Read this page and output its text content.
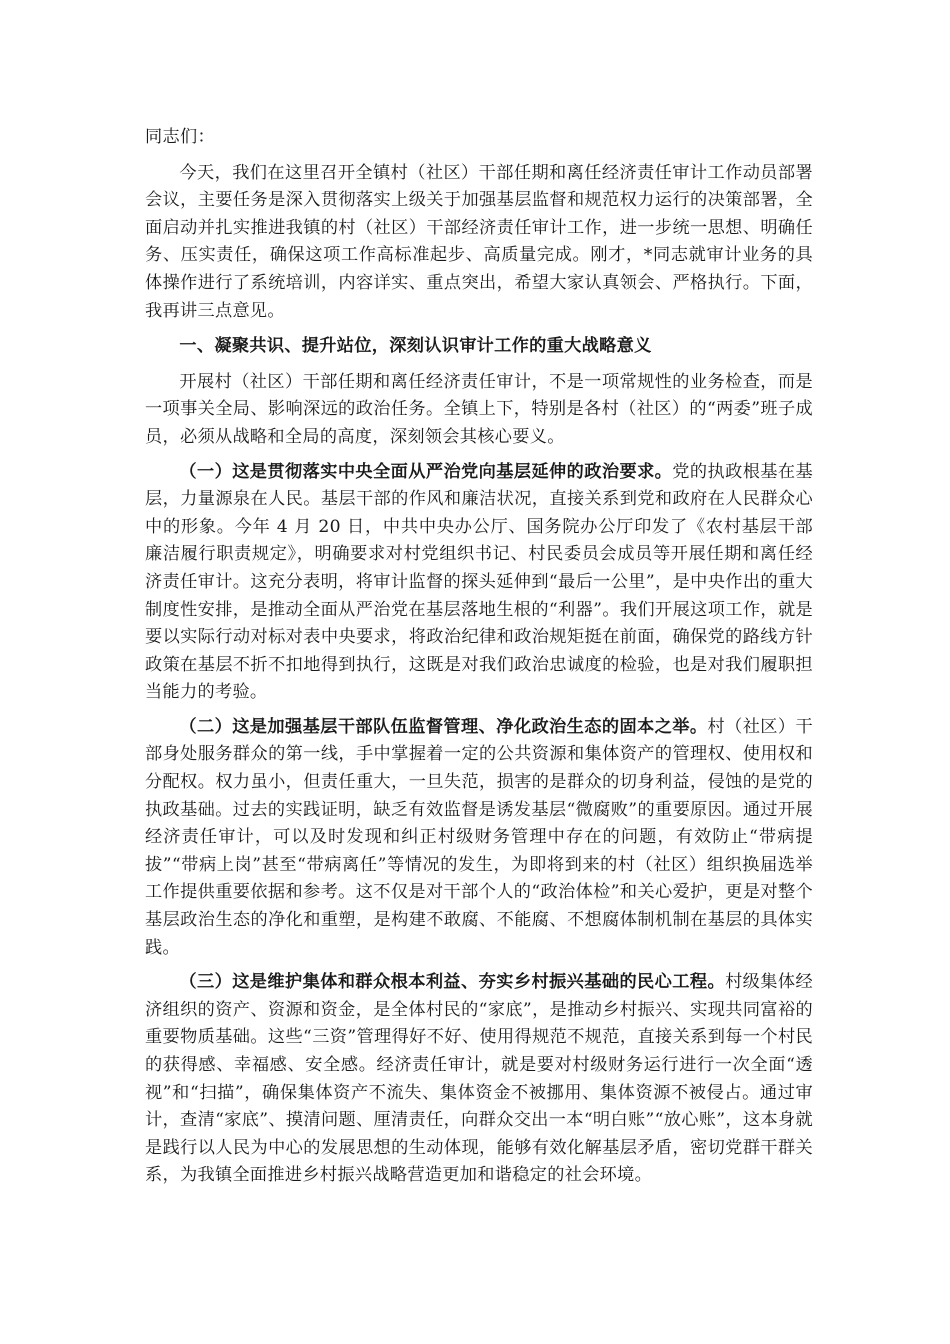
同志们：

今天，我们在这里召开全镇村（社区）干部任期和离任经济责任审计工作动员部署会议，主要任务是深入贯彻落实上级关于加强基层监督和规范权力运行的决策部署，全面启动并扎实推进我镇的村（社区）干部经济责任审计工作，进一步统一思想、明确任务、压实责任，确保这项工作高标准起步、高质量完成。刚才，*同志就审计业务的具体操作进行了系统培训，内容详实、重点突出，希望大家认真领会、严格执行。下面，我再讲三点意见。

一、凝聚共识、提升站位，深刻认识审计工作的重大战略意义

开展村（社区）干部任期和离任经济责任审计，不是一项常规性的业务检查，而是一项事关全局、影响深远的政治任务。全镇上下，特别是各村（社区）的“两委”班子成员，必须从战略和全局的高度，深刻领会其核心要义。

（一）这是贯彻落实中央全面从严治党向基层延伸的政治要求。党的执政根基在基层，力量源泉在人民。基层干部的作风和廉洁状况，直接关系到党和政府在人民群众心中的形象。今年 4 月 20 日，中共中央办公厅、国务院办公厅印发了《农村基层干部廉洁履行职责规定》，明确要求对村党组织书记、村民委员会成员等开展任期和离任经济责任审计。这充分表明，将审计监督的探头延伸到“最后一公里”，是中央作出的重大制度性安排，是推动全面从严治党在基层落地生根的“利器”。我们开展这项工作，就是要以实际行动对标对表中央要求，将政治纪律和政治规矩挺在前面，确保党的路线方针政策在基层不折不扣地得到执行，这既是对我们政治忠诚度的检验，也是对我们履职担当能力的考验。

（二）这是加强基层干部队伍监督管理、净化政治生态的固本之举。村（社区）干部身处服务群众的第一线，手中掌握着一定的公共资源和集体资产的管理权、使用权和分配权。权力虽小，但责任重大，一旦失范，损害的是群众的切身利益，侵蚀的是党的执政基础。过去的实践证明，缺乏有效监督是诱发基层“微腐败”的重要原因。通过开展经济责任审计，可以及时发现和纠正村级财务管理中存在的问题，有效防止“带病提拔”“带病上岗”甚至“带病离任”等情况的发生，为即将到来的村（社区）组织换届选举工作提供重要依据和参考。这不仅是对干部个人的“政治体检”和关心爱护，更是对整个基层政治生态的净化和重塑，是构建不敢腐、不能腐、不想腐体制机制在基层的具体实践。

（三）这是维护集体和群众根本利益、夯实乡村振兴基础的民心工程。村级集体经济组织的资产、资源和资金，是全体村民的“家底”，是推动乡村振兴、实现共同富裕的重要物质基础。这些“三资”管理得好不好、使用得规范不规范，直接关系到每一个村民的获得感、幸福感、安全感。经济责任审计，就是要对村级财务运行进行一次全面“透视”和“扫描”，确保集体资产不流失、集体资金不被挪用、集体资源不被侵占。通过审计，查清“家底”、摸清问题、厘清责任，向群众交出一本“明白账”“放心账”，这本身就是践行以人民为中心的发展思想的生动体现，能够有效化解基层矛盾，密切党群干群关系，为我镇全面推进乡村振兴战略营造更加和谐稳定的社会环境。
